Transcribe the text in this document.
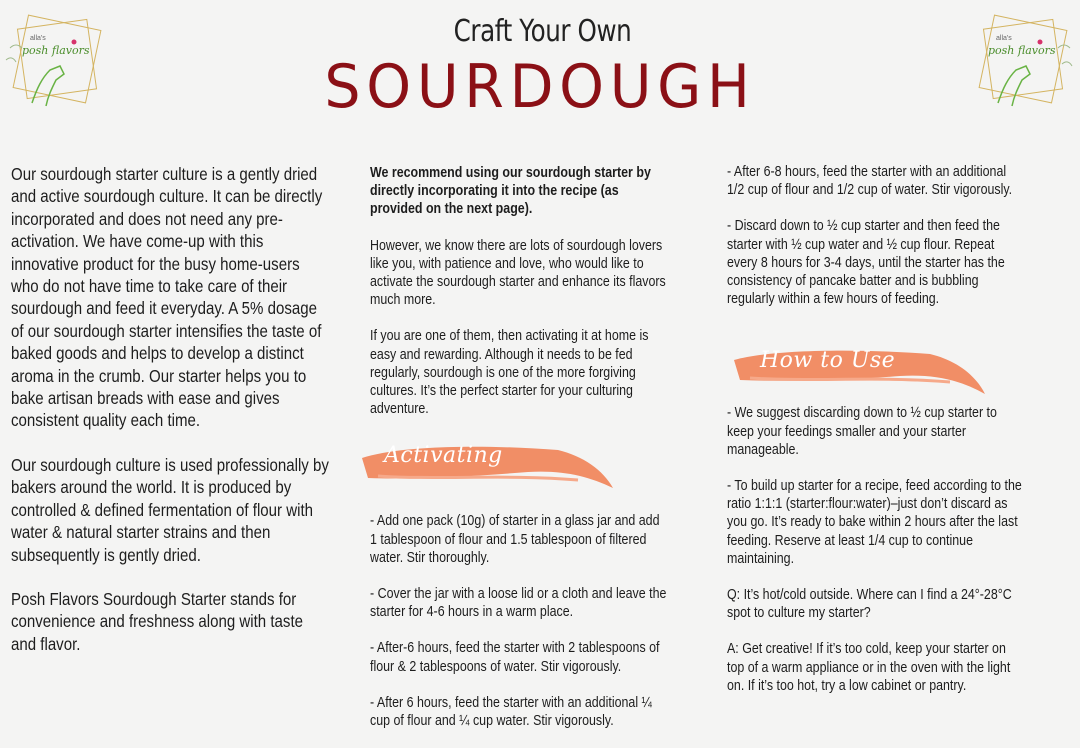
posh flavors
alla's
posh flavors
alla's
Craft Your Own
SOURDOUGH

Our sourdough starter culture is a gently dried and active sourdough culture. It can be directly incorporated and does not need any pre-activation. We have come-up with this innovative product for the busy home-users who do not have time to take care of their sourdough and feed it everyday. A 5% dosage of our sourdough starter intensifies the taste of baked goods and helps to develop a distinct aroma in the crumb. Our starter helps you to bake artisan breads with ease and gives consistent quality each time.

Our sourdough culture is used professionally by bakers around the world. It is produced by controlled & defined fermentation of flour with water & natural starter strains and then subsequently is gently dried.

Posh Flavors Sourdough Starter stands for convenience and freshness along with taste and flavor.

We recommend using our sourdough starter by directly incorporating it into the recipe (as provided on the next page).

However, we know there are lots of sourdough lovers like you, with patience and love, who would like to activate the sourdough starter and enhance its flavors much more.

If you are one of them, then activating it at home is easy and rewarding. Although it needs to be fed regularly, sourdough is one of the more forgiving cultures. It’s the perfect starter for your culturing adventure.

- Add one pack (10g) of starter in a glass jar and add 1 tablespoon of flour and 1.5 tablespoon of filtered water. Stir thoroughly.

- Cover the jar with a loose lid or a cloth and leave the starter for 4-6 hours in a warm place.

- After-6 hours, feed the starter with 2 tablespoons of flour & 2 tablespoons of water. Stir vigorously.

- After 6 hours, feed the starter with an additional ¼ cup of flour and ¼ cup water. Stir vigorously.

Activating

- After 6-8 hours, feed the starter with an additional 1/2 cup of flour and 1/2 cup of water. Stir vigorously.

- Discard down to ½ cup starter and then feed the starter with ½ cup water and ½ cup flour. Repeat every 8 hours for 3-4 days, until the starter has the consistency of pancake batter and is bubbling regularly within a few hours of feeding.

- We suggest discarding down to ½ cup starter to keep your feedings smaller and your starter manageable.

- To build up starter for a recipe, feed according to the ratio 1:1:1 (starter:flour:water)–just don’t discard as you go. It’s ready to bake within 2 hours after the last feeding. Reserve at least 1/4 cup to continue maintaining.

Q: It’s hot/cold outside. Where can I find a 24°-28°C spot to culture my starter?

A: Get creative! If it’s too cold, keep your starter on top of a warm appliance or in the oven with the light on. If it’s too hot, try a low cabinet or pantry.

How to Use
